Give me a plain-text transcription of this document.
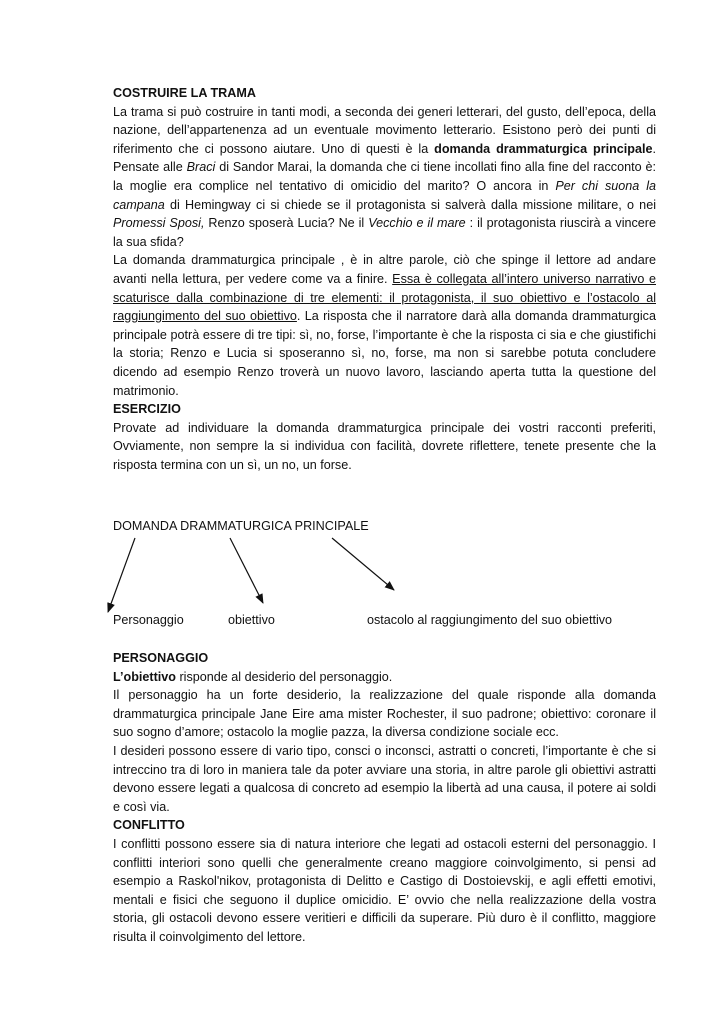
COSTRUIRE LA TRAMA

La trama si può costruire in tanti modi, a seconda dei generi letterari, del gusto, dell’epoca, della nazione, dell’appartenenza ad un eventuale movimento letterario. Esistono però dei punti di riferimento che ci possono aiutare. Uno di questi è la domanda drammaturgica principale. Pensate alle Braci di Sandor Marai, la domanda che ci tiene incollati fino alla fine del racconto è: la moglie era complice nel tentativo di omicidio del marito? O ancora in Per chi suona la campana di Hemingway ci si chiede se il protagonista si salverà dalla missione militare, o nei Promessi Sposi, Renzo sposerà Lucia? Ne il Vecchio e il mare : il protagonista riuscirà a vincere la sua sfida?

La domanda drammaturgica principale , è in altre parole, ciò che spinge il lettore ad andare avanti nella lettura, per vedere come va a finire. Essa è collegata all’intero universo narrativo e scaturisce dalla combinazione di tre elementi: il protagonista, il suo obiettivo e l’ostacolo al raggiungimento del suo obiettivo. La risposta che il narratore darà alla domanda drammaturgica principale potrà essere di tre tipi: sì, no, forse, l’importante è che la risposta ci sia e che giustifichi la storia; Renzo e Lucia si sposeranno sì, no, forse, ma non si sarebbe potuta concludere dicendo ad esempio Renzo troverà un nuovo lavoro, lasciando aperta tutta la questione del matrimonio.

ESERCIZIO

Provate ad individuare la domanda drammaturgica principale dei vostri racconti preferiti, Ovviamente, non sempre la si individua con facilità, dovrete riflettere, tenete presente che la risposta termina con un sì, un no, un forse.

DOMANDA DRAMMATURGICA PRINCIPALE
Personaggio	obiettivo	ostacolo al raggiungimento del suo obiettivo

PERSONAGGIO

L’obiettivo risponde al desiderio del personaggio.

Il personaggio ha un forte desiderio, la realizzazione del quale risponde alla domanda drammaturgica principale Jane Eire ama mister Rochester, il suo padrone; obiettivo: coronare il suo sogno d’amore; ostacolo la moglie pazza, la diversa condizione sociale ecc.

I desideri possono essere di vario tipo, consci o inconsci, astratti o concreti, l’importante è che si intreccino tra di loro in maniera tale da poter avviare una storia, in altre parole gli obiettivi astratti devono essere legati a qualcosa di concreto ad esempio la libertà ad una causa, il potere ai soldi e così via.

CONFLITTO

I conflitti possono essere sia di natura interiore che legati ad ostacoli esterni del personaggio. I conflitti interiori sono quelli che generalmente creano maggiore coinvolgimento, si pensi ad esempio a Raskol'nikov, protagonista di Delitto e Castigo di Dostoievskij, e agli effetti emotivi, mentali e fisici che seguono il duplice omicidio. E’ ovvio che nella realizzazione della vostra storia, gli ostacoli devono essere veritieri e difficili da superare. Più duro è il conflitto, maggiore risulta il coinvolgimento del lettore.
